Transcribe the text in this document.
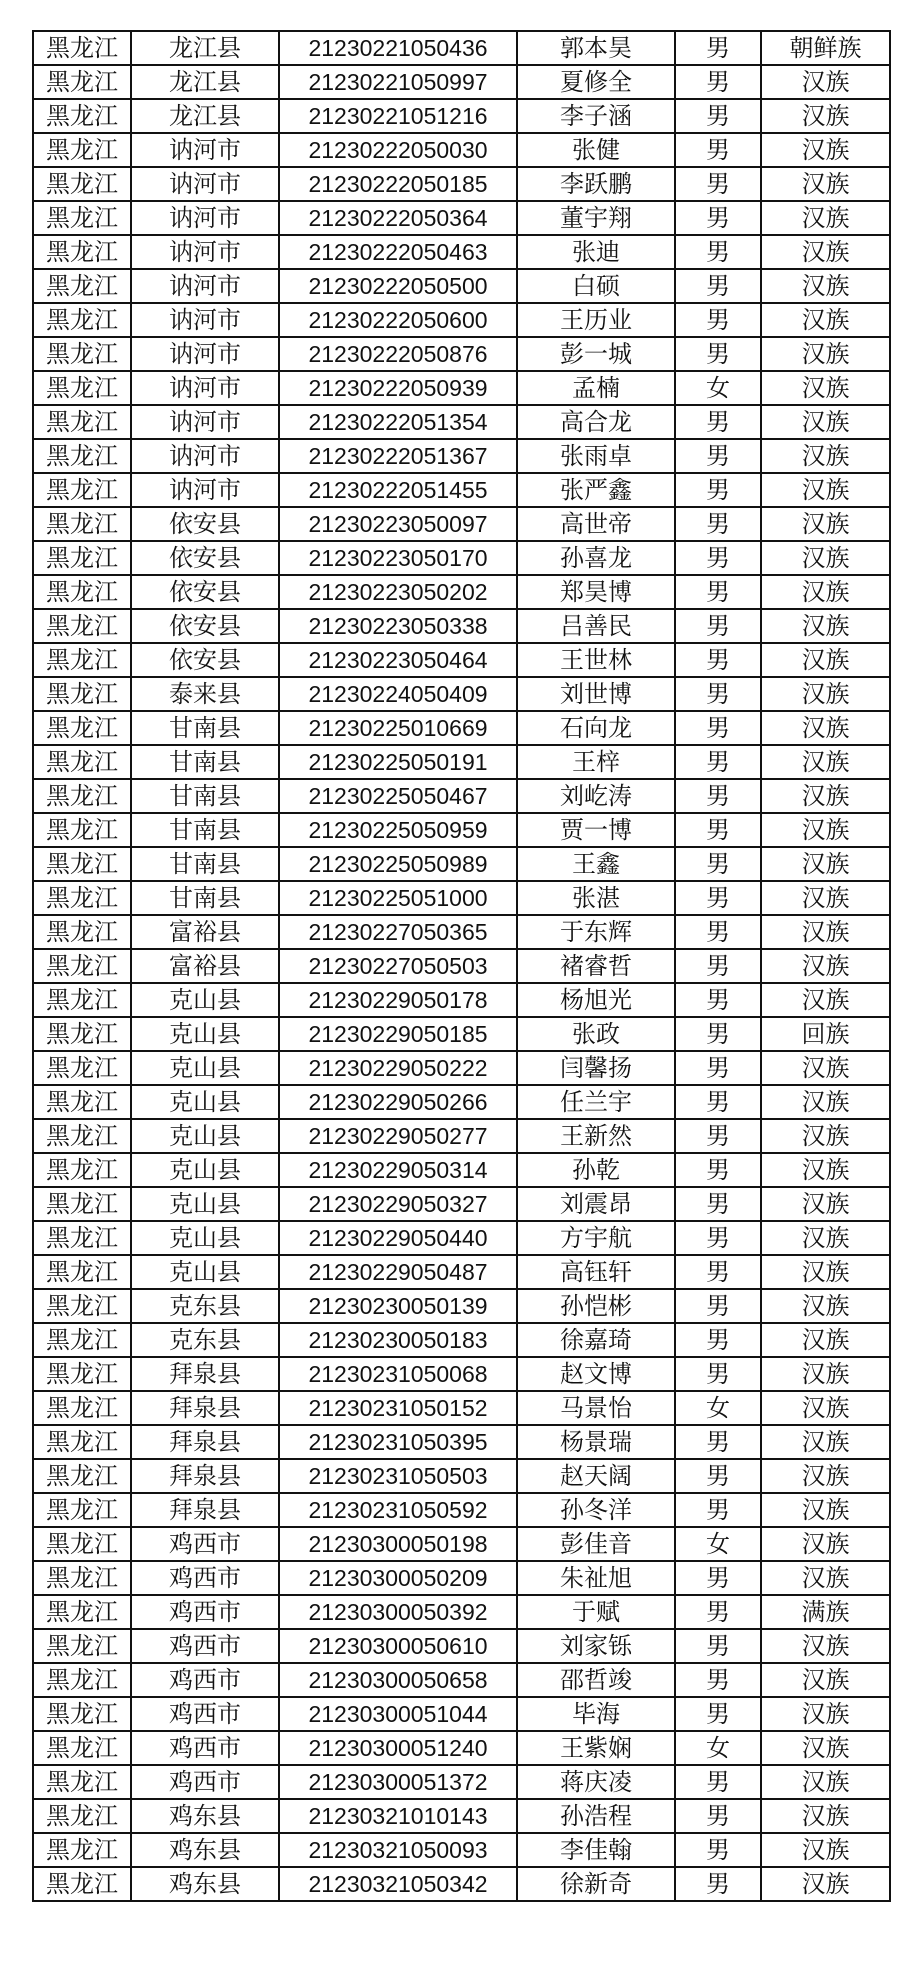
黑龙江	龙江县	21230221050436	郭本昊	男	朝鲜族
黑龙江	龙江县	21230221050997	夏修全	男	汉族
黑龙江	龙江县	21230221051216	李子涵	男	汉族
黑龙江	讷河市	21230222050030	张健	男	汉族
黑龙江	讷河市	21230222050185	李跃鹏	男	汉族
黑龙江	讷河市	21230222050364	董宇翔	男	汉族
黑龙江	讷河市	21230222050463	张迪	男	汉族
黑龙江	讷河市	21230222050500	白硕	男	汉族
黑龙江	讷河市	21230222050600	王历业	男	汉族
黑龙江	讷河市	21230222050876	彭一城	男	汉族
黑龙江	讷河市	21230222050939	孟楠	女	汉族
黑龙江	讷河市	21230222051354	高合龙	男	汉族
黑龙江	讷河市	21230222051367	张雨卓	男	汉族
黑龙江	讷河市	21230222051455	张严鑫	男	汉族
黑龙江	依安县	21230223050097	高世帝	男	汉族
黑龙江	依安县	21230223050170	孙喜龙	男	汉族
黑龙江	依安县	21230223050202	郑昊博	男	汉族
黑龙江	依安县	21230223050338	吕善民	男	汉族
黑龙江	依安县	21230223050464	王世林	男	汉族
黑龙江	泰来县	21230224050409	刘世博	男	汉族
黑龙江	甘南县	21230225010669	石向龙	男	汉族
黑龙江	甘南县	21230225050191	王梓	男	汉族
黑龙江	甘南县	21230225050467	刘屹涛	男	汉族
黑龙江	甘南县	21230225050959	贾一博	男	汉族
黑龙江	甘南县	21230225050989	王鑫	男	汉族
黑龙江	甘南县	21230225051000	张湛	男	汉族
黑龙江	富裕县	21230227050365	于东辉	男	汉族
黑龙江	富裕县	21230227050503	褚睿哲	男	汉族
黑龙江	克山县	21230229050178	杨旭光	男	汉族
黑龙江	克山县	21230229050185	张政	男	回族
黑龙江	克山县	21230229050222	闫馨扬	男	汉族
黑龙江	克山县	21230229050266	任兰宇	男	汉族
黑龙江	克山县	21230229050277	王新然	男	汉族
黑龙江	克山县	21230229050314	孙乾	男	汉族
黑龙江	克山县	21230229050327	刘震昂	男	汉族
黑龙江	克山县	21230229050440	方宇航	男	汉族
黑龙江	克山县	21230229050487	高钰轩	男	汉族
黑龙江	克东县	21230230050139	孙恺彬	男	汉族
黑龙江	克东县	21230230050183	徐嘉琦	男	汉族
黑龙江	拜泉县	21230231050068	赵文博	男	汉族
黑龙江	拜泉县	21230231050152	马景怡	女	汉族
黑龙江	拜泉县	21230231050395	杨景瑞	男	汉族
黑龙江	拜泉县	21230231050503	赵天阔	男	汉族
黑龙江	拜泉县	21230231050592	孙冬洋	男	汉族
黑龙江	鸡西市	21230300050198	彭佳音	女	汉族
黑龙江	鸡西市	21230300050209	朱祉旭	男	汉族
黑龙江	鸡西市	21230300050392	于赋	男	满族
黑龙江	鸡西市	21230300050610	刘家铄	男	汉族
黑龙江	鸡西市	21230300050658	邵哲竣	男	汉族
黑龙江	鸡西市	21230300051044	毕海	男	汉族
黑龙江	鸡西市	21230300051240	王紫娴	女	汉族
黑龙江	鸡西市	21230300051372	蒋庆凌	男	汉族
黑龙江	鸡东县	21230321010143	孙浩程	男	汉族
黑龙江	鸡东县	21230321050093	李佳翰	男	汉族
黑龙江	鸡东县	21230321050342	徐新奇	男	汉族
